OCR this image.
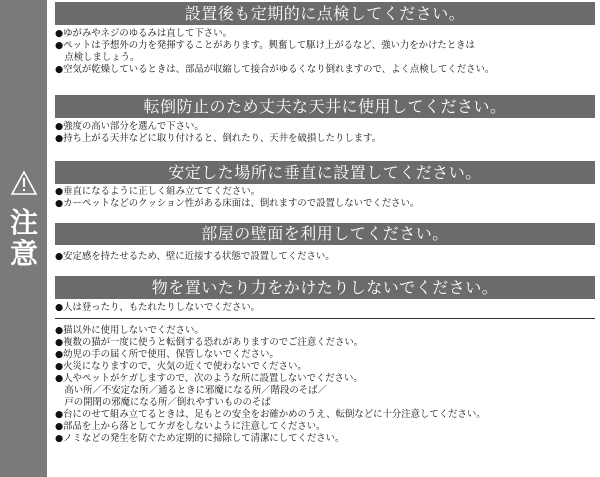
注
意
設置後も定期的に点検してください。
●ゆがみやネジのゆるみは直して下さい。
●ペットは予想外の力を発揮することがあります。興奮して駆け上がるなど、強い力をかけたときは
　点検しましょう。
●空気が乾燥しているときは、部品が収縮して接合がゆるくなり倒れますので、よく点検してください。
転倒防止のため丈夫な天井に使用してください。
●強度の高い部分を選んで下さい。
●持ち上がる天井などに取り付けると、倒れたり、天井を破損したりします。
安定した場所に垂直に設置してください。
●垂直になるように正しく組み立ててください。
●カーペットなどのクッション性がある床面は、倒れますので設置しないでください。
部屋の壁面を利用してください。
●安定感を持たせるため、壁に近接する状態で設置してください。
物を置いたり力をかけたりしないでください。
●人は登ったり、もたれたりしないでください。
●猫以外に使用しないでください。
●複数の猫が一度に使うと転倒する恐れがありますのでご注意ください。
●幼児の手の届く所で使用、保管しないでください。
●火災になりますので、火気の近くで使わないでください。
●人やペットがケガしますので、次のような所に設置しないでください。
　高い所／不安定な所／通るときに邪魔になる所／階段のそば／
　戸の開閉の邪魔になる所／倒れやすいもののそば
●台にのせて組み立てるときは、足もとの安全をお確かめのうえ、転倒などに十分注意してください。
●部品を上から落としてケガをしないように注意してください。
●ノミなどの発生を防ぐため定期的に掃除して清潔にしてください。
